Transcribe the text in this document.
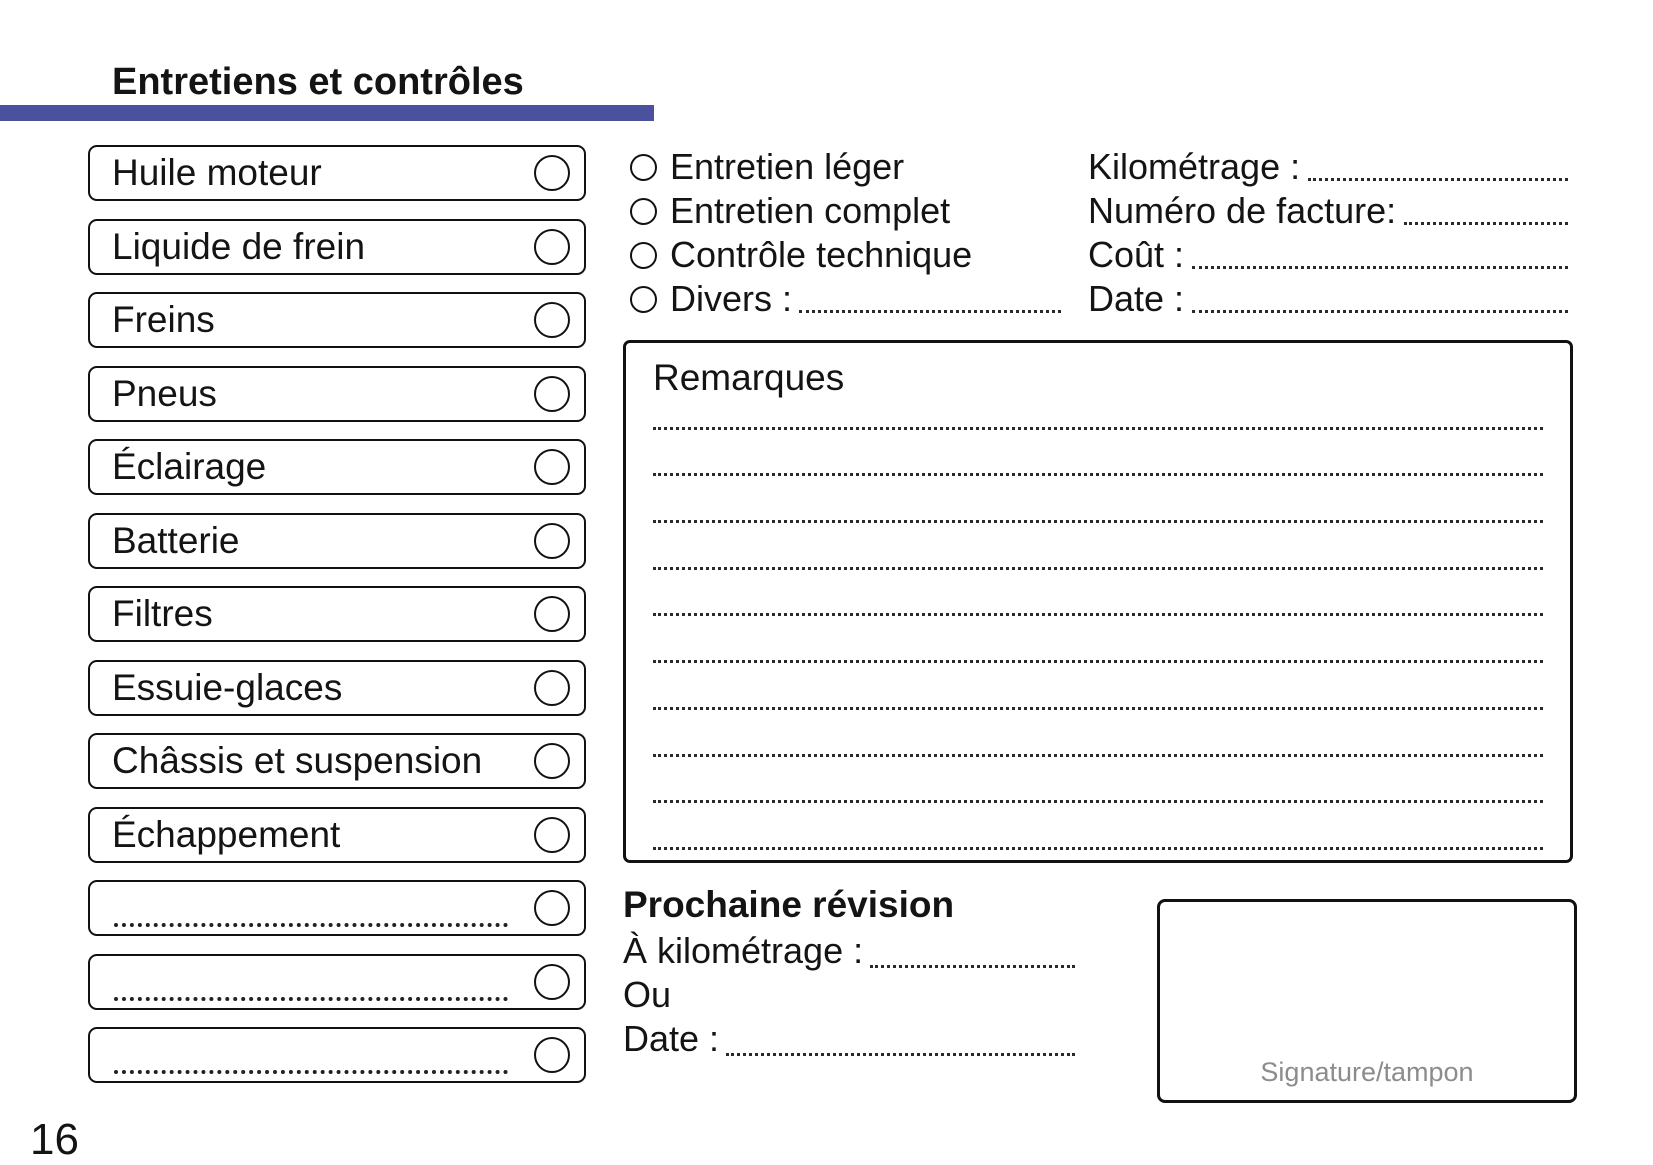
Entretiens et contrôles
Huile moteur
Liquide de frein
Freins
Pneus
Éclairage
Batterie
Filtres
Essuie-glaces
Châssis et suspension
Échappement
Entretien léger
Entretien complet
Contrôle technique
Divers :
Kilométrage :
Numéro de facture:
Coût :
Date :
Remarques
Prochaine révision
À kilométrage :
Ou
Date :
Signature/tampon
16
